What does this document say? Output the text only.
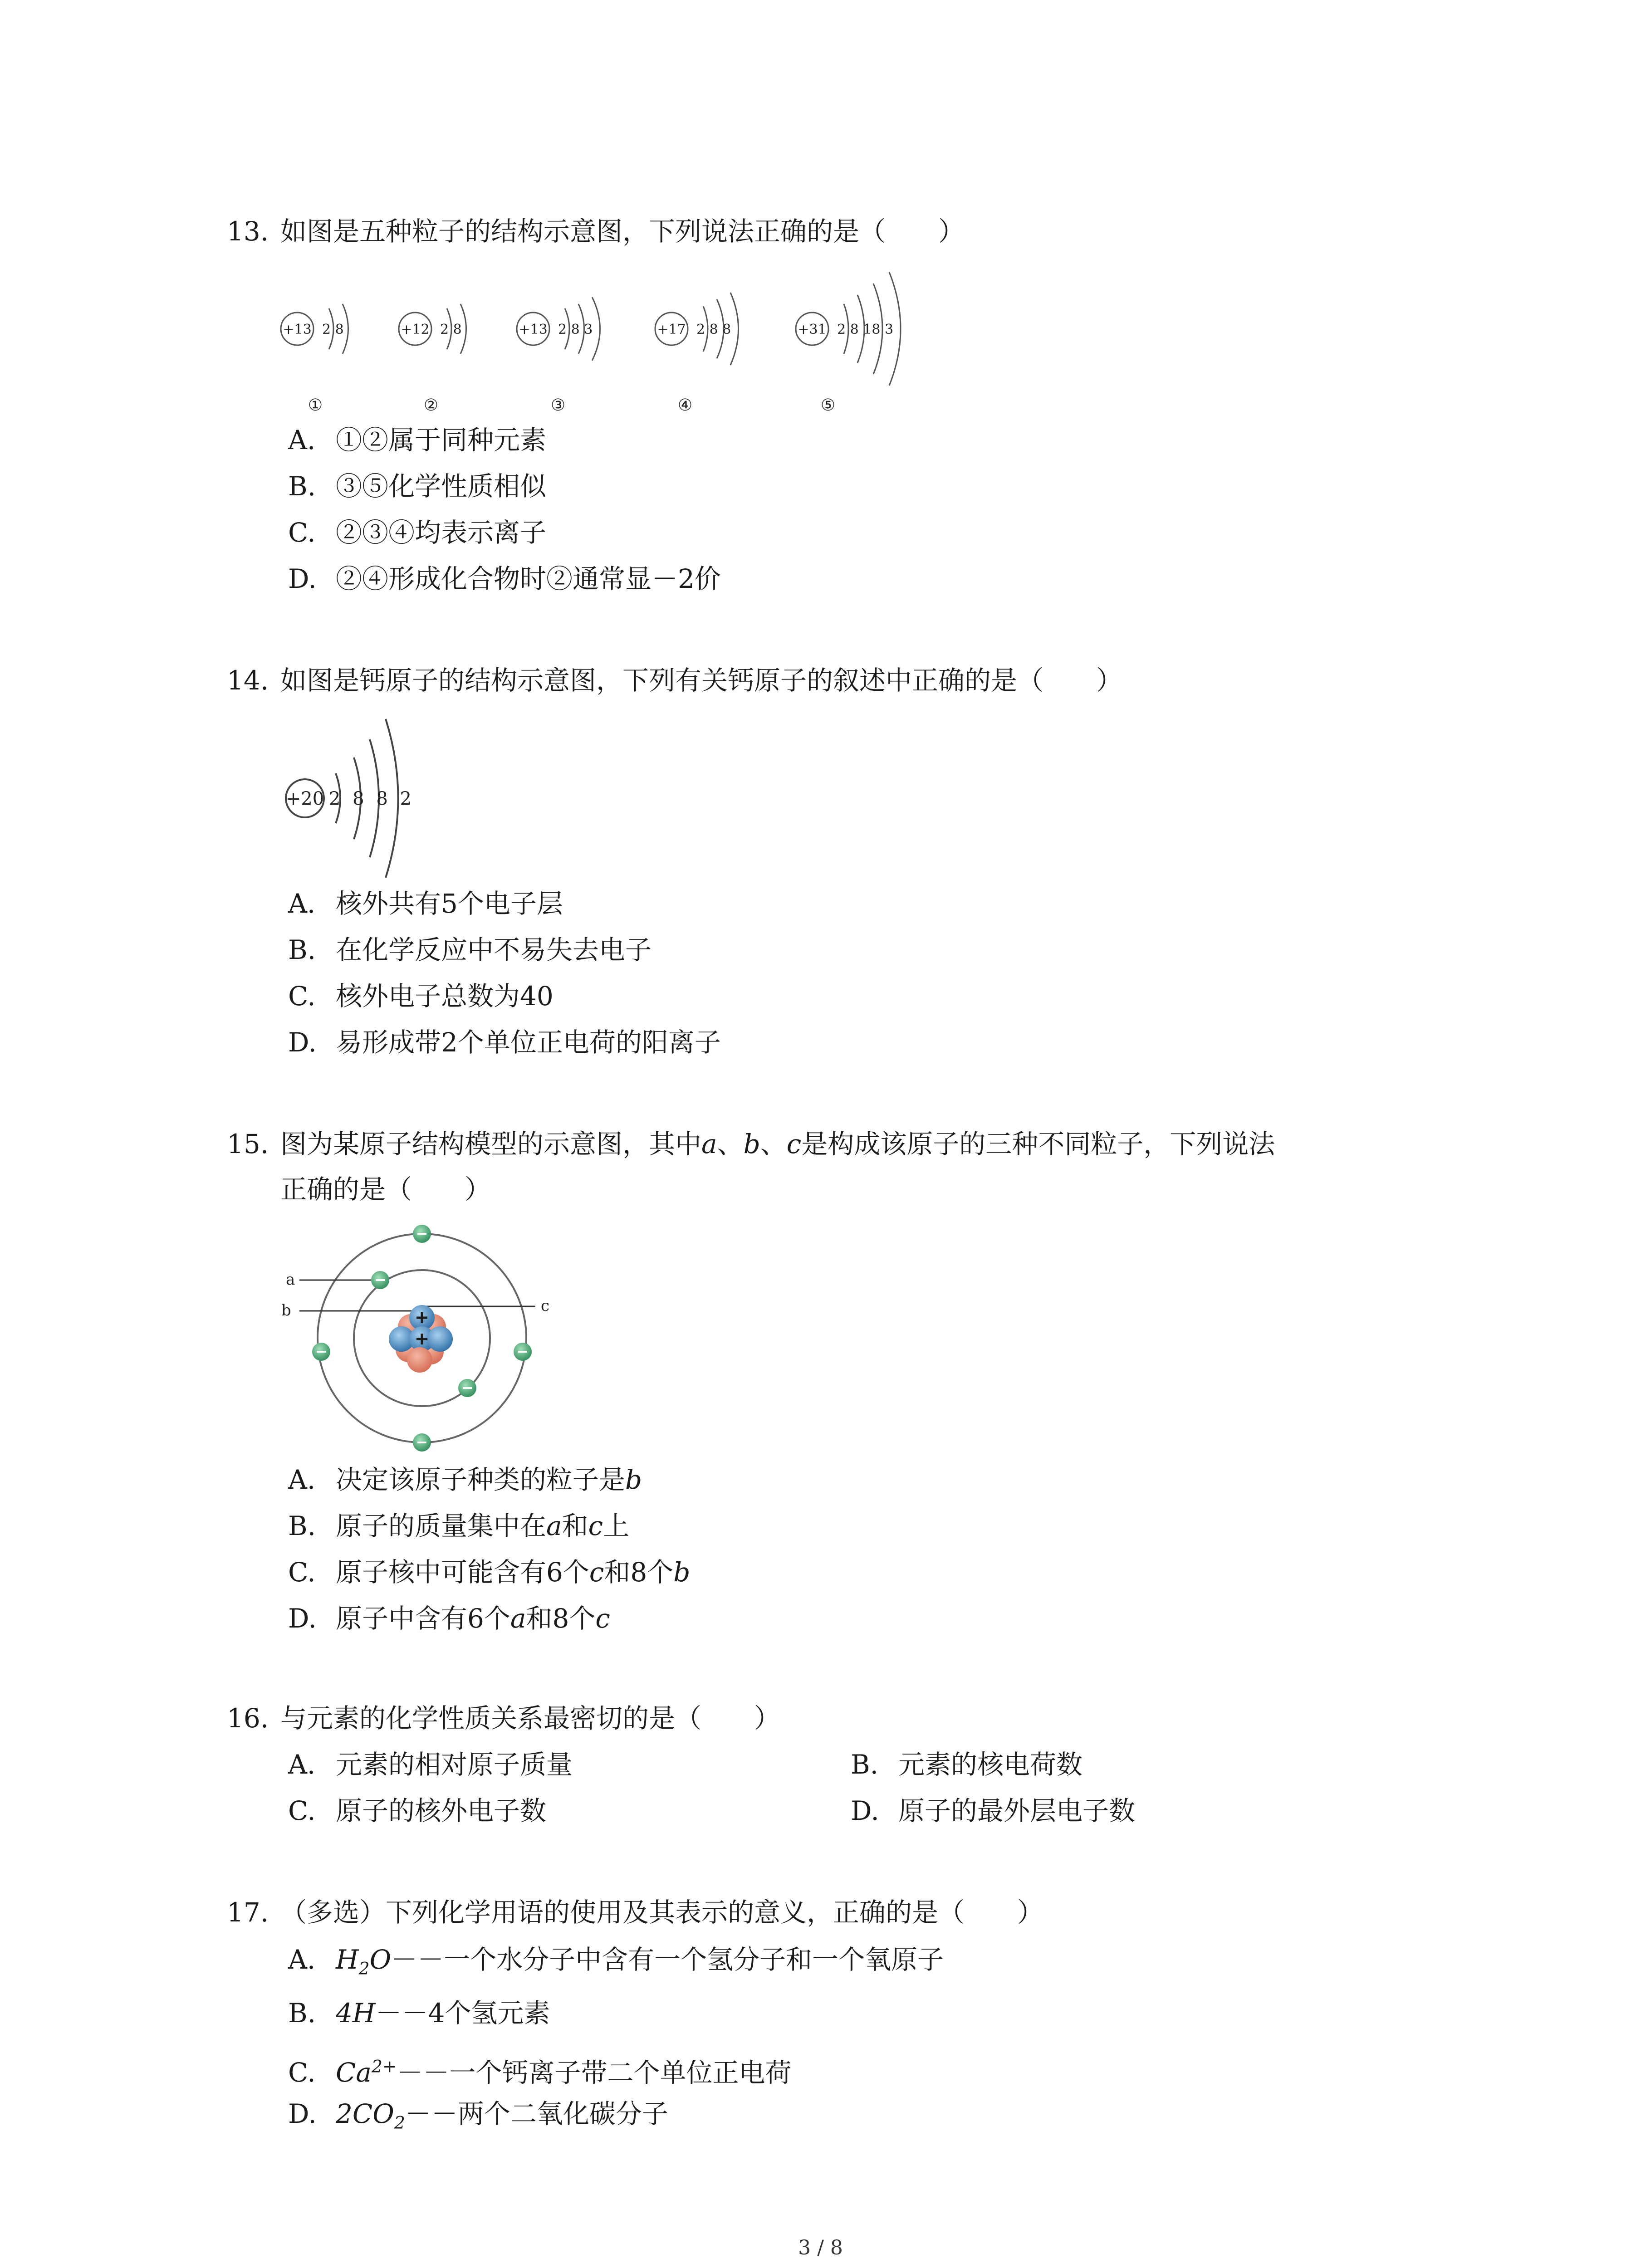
13. 如图是五种粒子的结构示意图，下列说法正确的是（　　）
+13 2 8	+12 2 8	+13 2 8 3	+17 2 8 8	+31 2 8 18 3
①	②	③	④	⑤
A. ①②属于同种元素
B. ③⑤化学性质相似
C. ②③④均表示离子
D. ②④形成化合物时②通常显－2价
14. 如图是钙原子的结构示意图，下列有关钙原子的叙述中正确的是（　　）
+20 2 8 8 2
A. 核外共有5个电子层
B. 在化学反应中不易失去电子
C. 核外电子总数为40
D. 易形成带2个单位正电荷的阳离子
15. 图为某原子结构模型的示意图，其中a、b、c是构成该原子的三种不同粒子，下列说法
正确的是（　　）
a
b	c
A. 决定该原子种类的粒子是b
B. 原子的质量集中在a和c上
C. 原子核中可能含有6个c和8个b
D. 原子中含有6个a和8个c
16. 与元素的化学性质关系最密切的是（　　）
A. 元素的相对原子质量	B. 元素的核电荷数
C. 原子的核外电子数	D. 原子的最外层电子数
17. （多选）下列化学用语的使用及其表示的意义，正确的是（　　）
A. $H_2O--$一个水分子中含有一个氢分子和一个氧原子
B. 4H－－4个氢元素
C. $Ca^{2+}--$一个钙离子带二个单位正电荷
D. $2CO_2--$两个二氧化碳分子
3 / 8
